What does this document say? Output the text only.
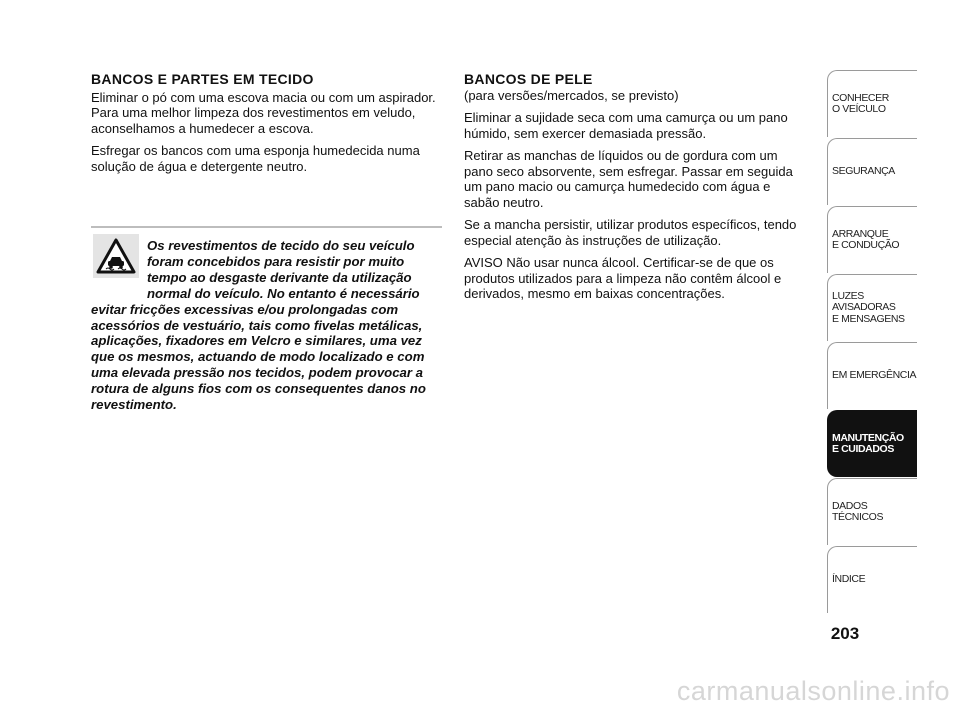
BANCOS E PARTES EM TECIDO

Eliminar o pó com uma escova macia ou com um aspirador. Para uma melhor limpeza dos revestimentos em veludo, aconselhamos a humedecer a escova.

Esfregar os bancos com uma esponja humedecida numa solução de água e detergente neutro.

Os revestimentos de tecido do seu veículo foram concebidos para resistir por muito tempo ao desgaste derivante da utilização normal do veículo. No entanto é necessário evitar fricções excessivas e/ou prolongadas com acessórios de vestuário, tais como fivelas metálicas, aplicações, fixadores em Velcro e similares, uma vez que os mesmos, actuando de modo localizado e com uma elevada pressão nos tecidos, podem provocar a rotura de alguns fios com os consequentes danos no revestimento.

BANCOS DE PELE

(para versões/mercados, se previsto)

Eliminar a sujidade seca com uma camurça ou um pano húmido, sem exercer demasiada pressão.

Retirar as manchas de líquidos ou de gordura com um pano seco absorvente, sem esfregar. Passar em seguida um pano macio ou camurça humedecido com água e sabão neutro.

Se a mancha persistir, utilizar produtos específicos, tendo especial atenção às instruções de utilização.

AVISO Não usar nunca álcool. Certificar-se de que os produtos utilizados para a limpeza não contêm álcool e derivados, mesmo em baixas concentrações.

CONHECER
O VEÍCULO
SEGURANÇA
ARRANQUE
E CONDUÇÃO
LUZES
AVISADORAS
E MENSAGENS
EM EMERGÊNCIA
MANUTENÇÃO
E CUIDADOS
DADOS
TÉCNICOS
ÍNDICE
203
carmanualsonline.info
